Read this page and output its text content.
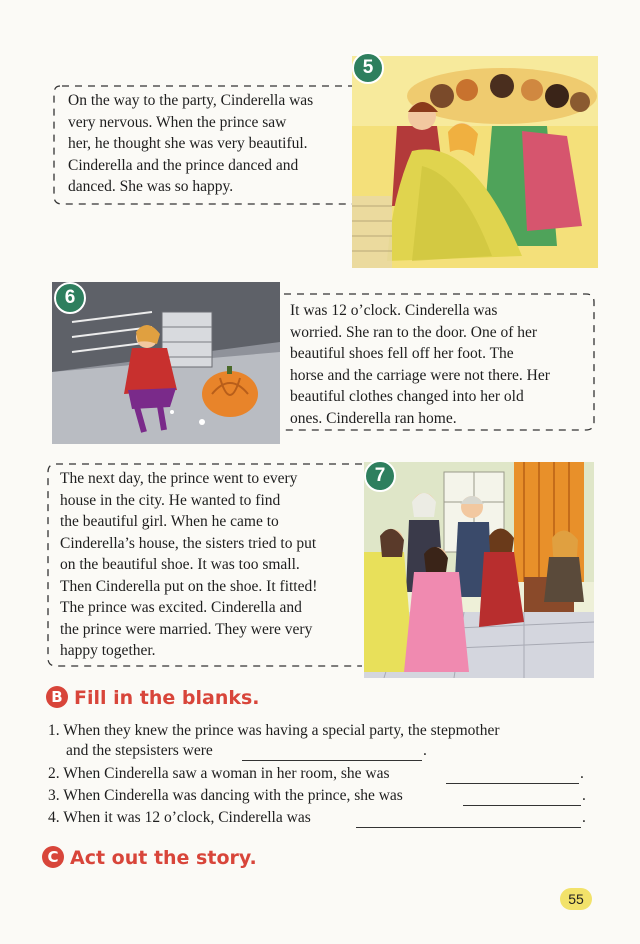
On the way to the party, Cinderella was
very nervous. When the prince saw
her, he thought she was very beautiful.
Cinderella and the prince danced and
danced. She was so happy.
5
6
It was 12 o’clock. Cinderella was
worried. She ran to the door. One of her
beautiful shoes fell off her foot. The
horse and the carriage were not there. Her
beautiful clothes changed into her old
ones. Cinderella ran home.
The next day, the prince went to every
house in the city. He wanted to find
the beautiful girl. When he came to
Cinderella’s house, the sisters tried to put
on the beautiful shoe. It was too small.
Then Cinderella put on the shoe. It fitted!
The prince was excited. Cinderella and
the prince were married. They were very
happy together.
7
B Fill in the blanks.
1. When they knew the prince was having a special party, the stepmother
and the stepsisters were	.
2. When Cinderella saw a woman in her room, she was	.
3. When Cinderella was dancing with the prince, she was	.
4. When it was 12 o’clock, Cinderella was	.
C Act out the story.
55
